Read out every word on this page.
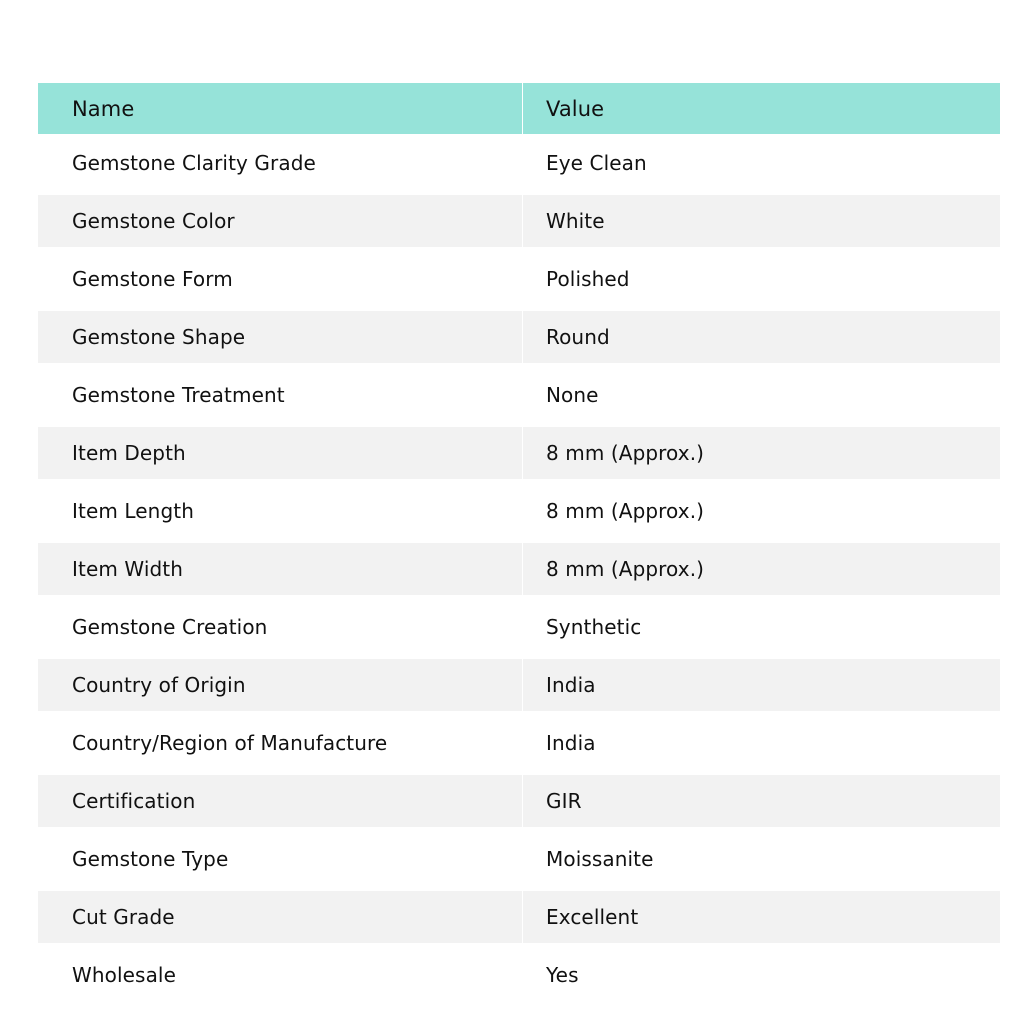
Name	Value
Gemstone Clarity Grade	Eye Clean
Gemstone Color	White
Gemstone Form	Polished
Gemstone Shape	Round
Gemstone Treatment	None
Item Depth	8 mm (Approx.)
Item Length	8 mm (Approx.)
Item Width	8 mm (Approx.)
Gemstone Creation	Synthetic
Country of Origin	India
Country/Region of Manufacture	India
Certification	GIR
Gemstone Type	Moissanite
Cut Grade	Excellent
Wholesale	Yes
